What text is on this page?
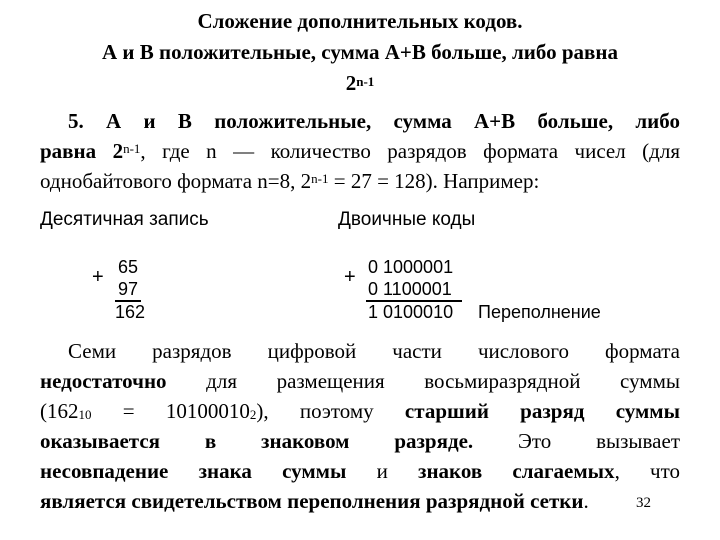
Сложение дополнительных кодов.
А и В положительные, сумма А+В больше, либо равна
2$^{n-1}$
5. А и В положительные, сумма А+В больше, либо
равна 2$^{n-1}$, где n — количество разрядов формата чисел (для
однобайтового формата n=8, $2^{n-1} = 27 = 128$). Например:
Десятичная запись	Двоичные коды
+ 65
97
162
+ 0 1000001
0 1100001
1 0100010 Переполнение
Семи разрядов цифровой части числового формата
недостаточно для размещения восьмиразрядной суммы
$(162_{10} = 10100010_2)$, поэтому старший разряд суммы
оказывается в знаковом разряде. Это вызывает
несовпадение знака суммы и знаков слагаемых, что
является свидетельством переполнения разрядной сетки.	32
